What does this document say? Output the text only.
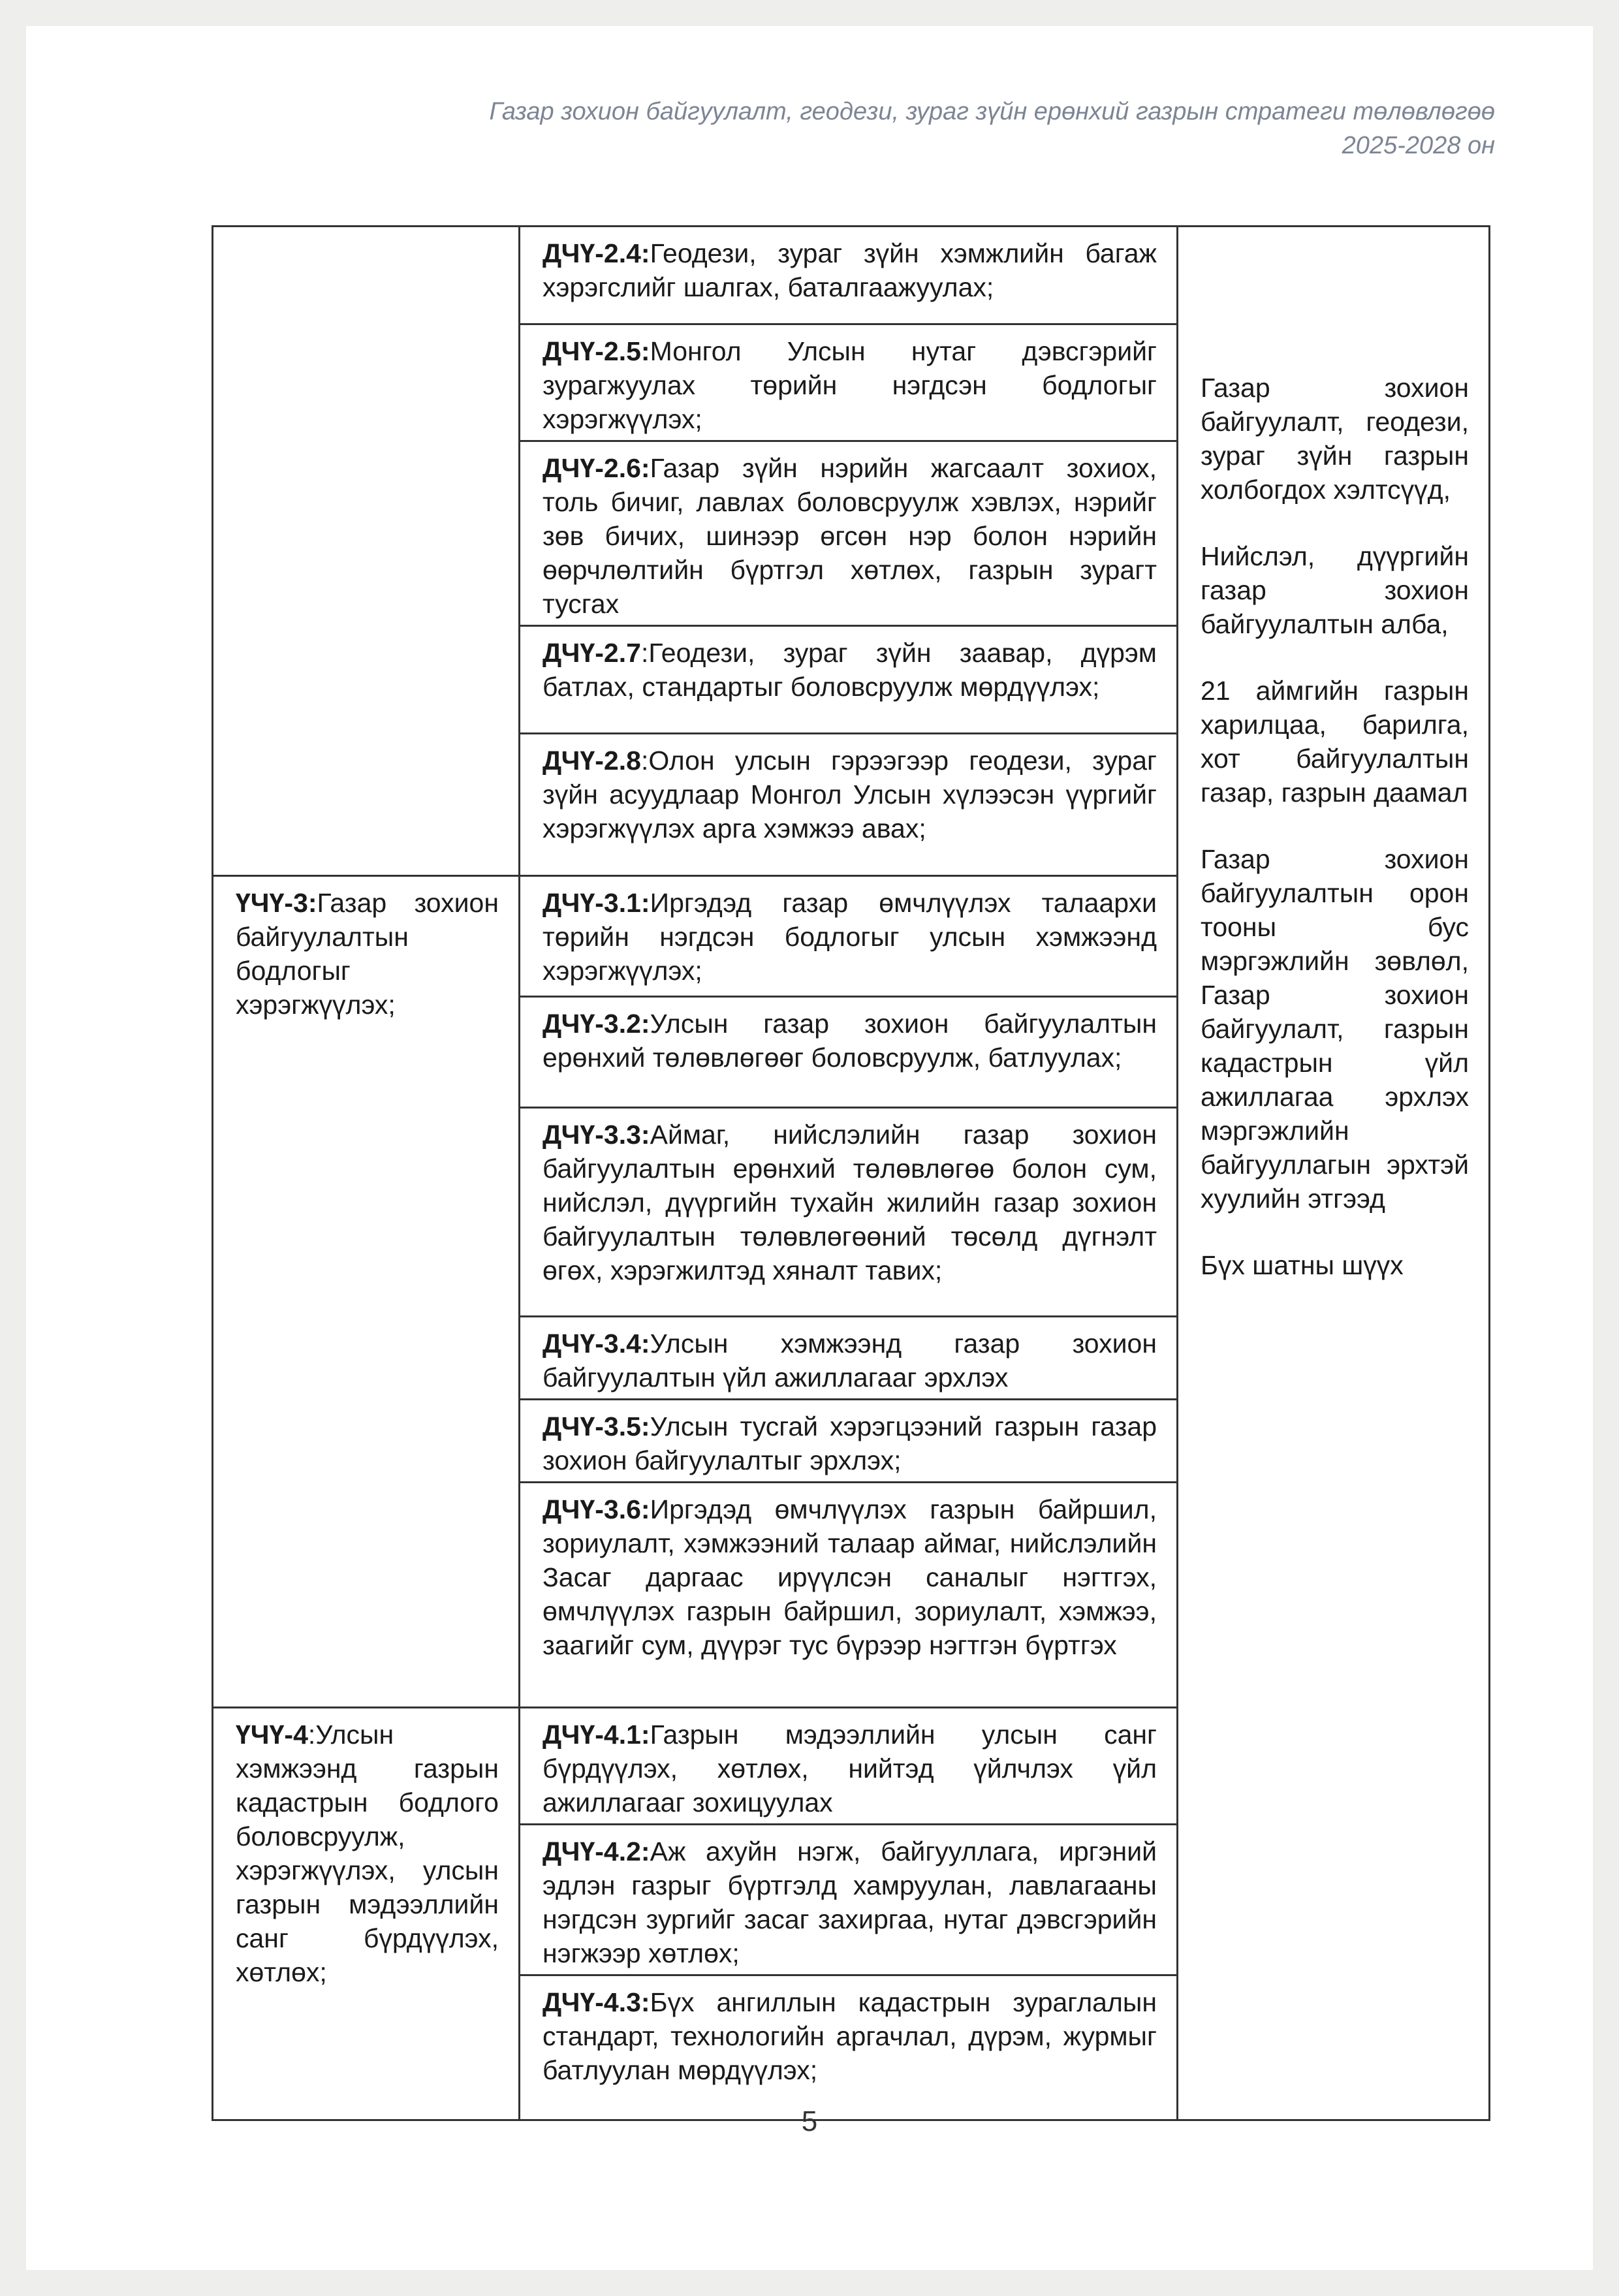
Газар зохион байгуулалт, геодези, зураг зүйн ерөнхий газрын стратеги төлөвлөгөө
2025-2028 он
	ДЧҮ-2.4:Геодези, зураг зүйн хэмжлийн багаж хэрэгслийг шалгах, баталгаажуулах;	Газар зохион байгуулалт, геодези, зураг зүйн газрын холбогдох хэлтсүүд,

Нийслэл, дүүргийн газар зохион байгуулалтын алба,

21 аймгийн газрын харилцаа, барилга, хот байгуулалтын газар, газрын даамал

Газар зохион байгуулалтын орон тооны бус мэргэжлийн зөвлөл, Газар зохион байгуулалт, газрын кадастрын үйл ажиллагаа эрхлэх мэргэжлийн байгууллагын эрхтэй хуулийн этгээд

Бүх шатны шүүх

	ДЧҮ-2.5:Монгол Улсын нутаг дэвсгэрийг зурагжуулах төрийн нэгдсэн бодлогыг хэрэгжүүлэх;	
	ДЧҮ-2.6:Газар зүйн нэрийн жагсаалт зохиох, толь бичиг, лавлах боловсруулж хэвлэх, нэрийг зөв бичих, шинээр өгсөн нэр болон нэрийн өөрчлөлтийн бүртгэл хөтлөх, газрын зурагт тусгах	
	ДЧҮ-2.7:Геодези, зураг зүйн заавар, дүрэм батлах, стандартыг боловсруулж мөрдүүлэх;	
	ДЧҮ-2.8:Олон улсын гэрээгээр геодези, зураг зүйн асуудлаар Монгол Улсын хүлээсэн үүргийг хэрэгжүүлэх арга хэмжээ авах;	
ҮЧҮ-3:Газар зохион байгуулалтын бодлогыг хэрэгжүүлэх;	ДЧҮ-3.1:Иргэдэд газар өмчлүүлэх талаархи төрийн нэгдсэн бодлогыг улсын хэмжээнд хэрэгжүүлэх;	
	ДЧҮ-3.2:Улсын газар зохион байгуулалтын ерөнхий төлөвлөгөөг боловсруулж, батлуулах;	
	ДЧҮ-3.3:Аймаг, нийслэлийн газар зохион байгуулалтын ерөнхий төлөвлөгөө болон сум, нийслэл, дүүргийн тухайн жилийн газар зохион байгуулалтын төлөвлөгөөний төсөлд дүгнэлт өгөх, хэрэгжилтэд хяналт тавих;	
	ДЧҮ-3.4:Улсын хэмжээнд газар зохион байгуулалтын үйл ажиллагааг эрхлэх	
	ДЧҮ-3.5:Улсын тусгай хэрэгцээний газрын газар зохион байгуулалтыг эрхлэх;	
	ДЧҮ-3.6:Иргэдэд өмчлүүлэх газрын байршил, зориулалт, хэмжээний талаар аймаг, нийслэлийн Засаг даргаас ирүүлсэн саналыг нэгтгэх, өмчлүүлэх газрын байршил, зориулалт, хэмжээ, заагийг сум, дүүрэг тус бүрээр нэгтгэн бүртгэх	
ҮЧҮ-4:Улсын хэмжээнд газрын кадастрын бодлого боловсруулж, хэрэгжүүлэх, улсын газрын мэдээллийн санг бүрдүүлэх, хөтлөх;	ДЧҮ-4.1:Газрын мэдээллийн улсын санг бүрдүүлэх, хөтлөх, нийтэд үйлчлэх үйл ажиллагааг зохицуулах	
	ДЧҮ-4.2:Аж ахуйн нэгж, байгууллага, иргэний эдлэн газрыг бүртгэлд хамруулан, лавлагааны нэгдсэн зургийг засаг захиргаа, нутаг дэвсгэрийн нэгжээр хөтлөх;	
	ДЧҮ-4.3:Бүх ангиллын кадастрын зураглалын стандарт, технологийн аргачлал, дүрэм, журмыг батлуулан мөрдүүлэх;	
5
